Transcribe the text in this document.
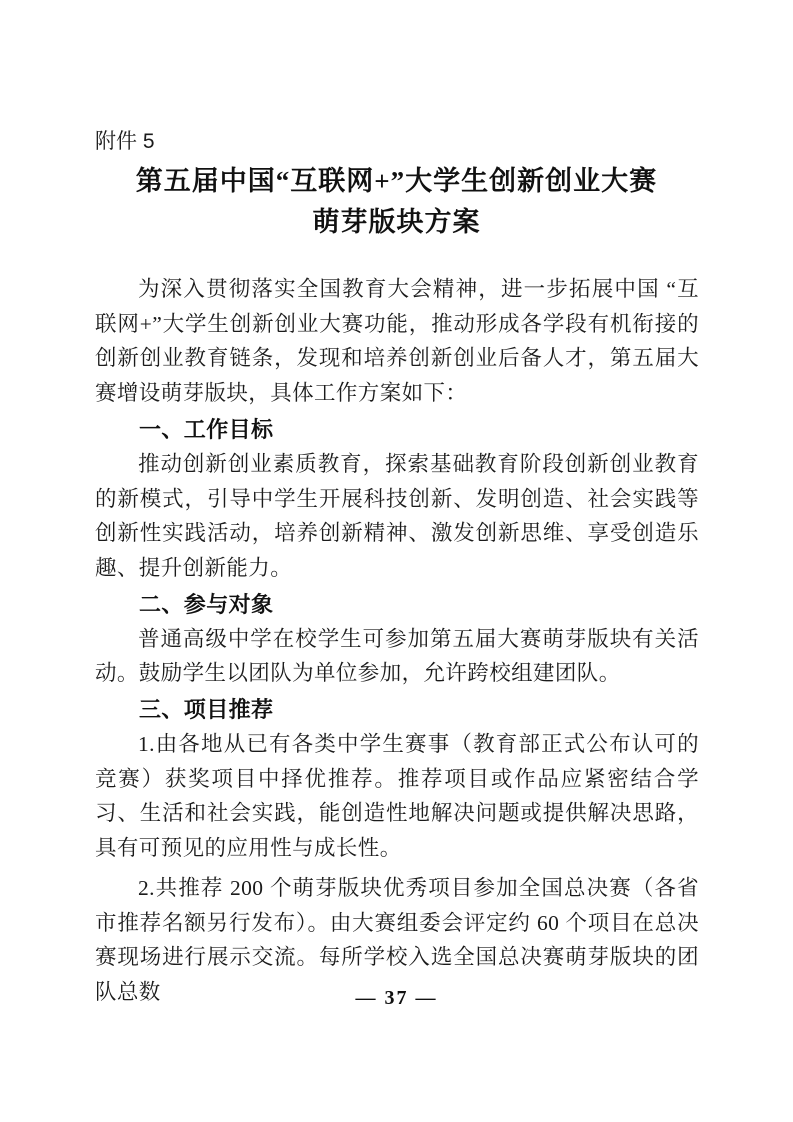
附件 5
第五届中国“互联网+”大学生创新创业大赛
萌芽版块方案

为深入贯彻落实全国教育大会精神，进一步拓展中国 “互联网+”大学生创新创业大赛功能，推动形成各学段有机衔接的创新创业教育链条，发现和培养创新创业后备人才，第五届大赛增设萌芽版块，具体工作方案如下：

一、工作目标

推动创新创业素质教育，探索基础教育阶段创新创业教育的新模式，引导中学生开展科技创新、发明创造、社会实践等创新性实践活动，培养创新精神、激发创新思维、享受创造乐趣、提升创新能力。

二、参与对象

普通高级中学在校学生可参加第五届大赛萌芽版块有关活动。鼓励学生以团队为单位参加，允许跨校组建团队。

三、项目推荐

1.由各地从已有各类中学生赛事（教育部正式公布认可的竞赛）获奖项目中择优推荐。推荐项目或作品应紧密结合学习、生活和社会实践，能创造性地解决问题或提供解决思路，具有可预见的应用性与成长性。

2.共推荐 200 个萌芽版块优秀项目参加全国总决赛（各省市推荐名额另行发布）。由大赛组委会评定约 60 个项目在总决赛现场进行展示交流。每所学校入选全国总决赛萌芽版块的团队总数	— 37 —
